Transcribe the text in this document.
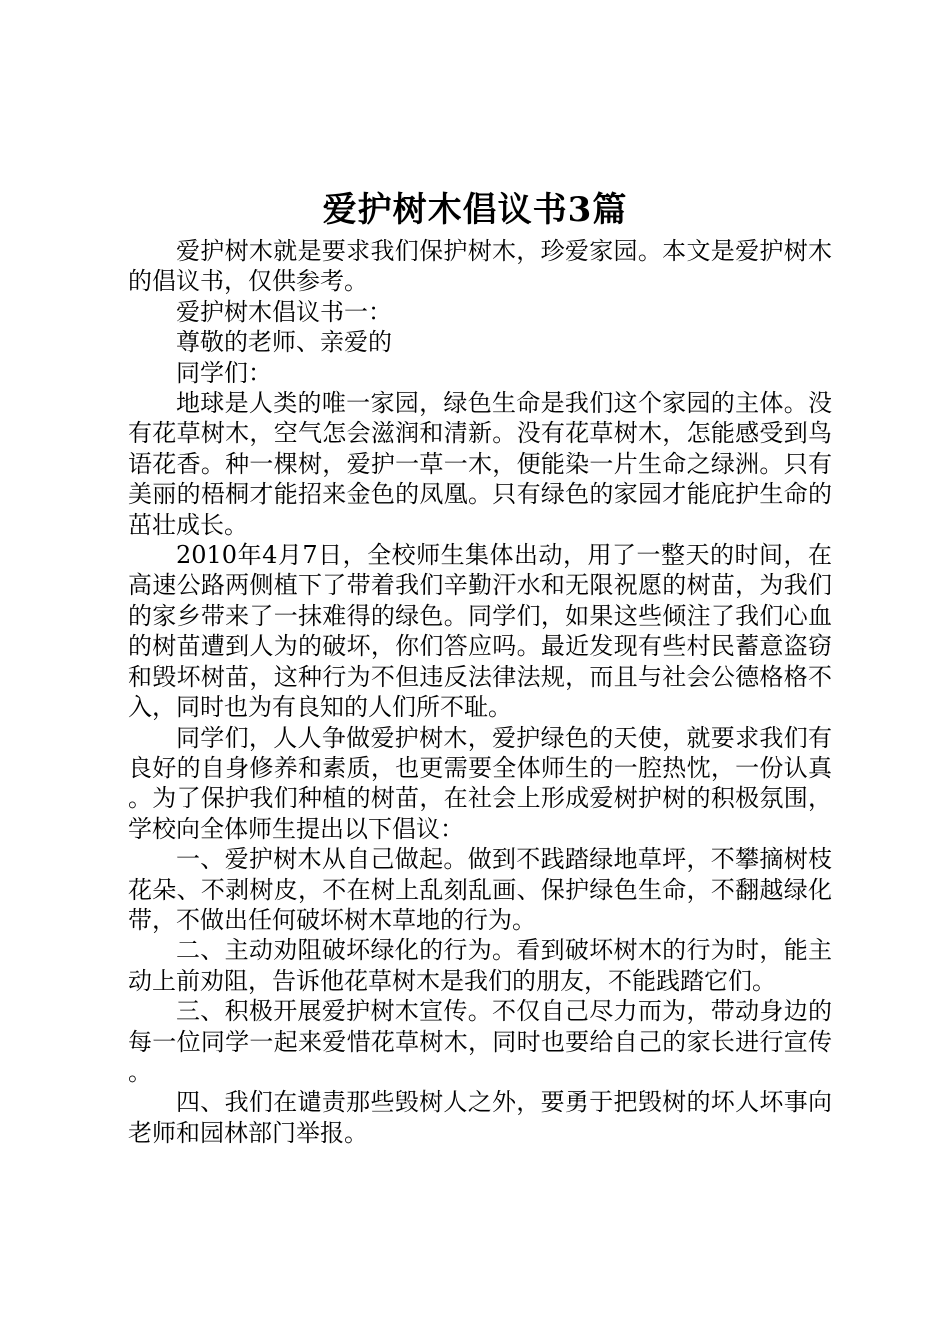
爱护树木倡议书3篇

爱护树木就是要求我们保护树木，珍爱家园。本文是爱护树木的倡议书，仅供参考。

爱护树木倡议书一：

尊敬的老师、亲爱的

同学们：

地球是人类的唯一家园，绿色生命是我们这个家园的主体。没有花草树木，空气怎会滋润和清新。没有花草树木，怎能感受到鸟语花香。种一棵树，爱护一草一木，便能染一片生命之绿洲。只有美丽的梧桐才能招来金色的凤凰。只有绿色的家园才能庇护生命的茁壮成长。

2010年4月7日，全校师生集体出动，用了一整天的时间，在高速公路两侧植下了带着我们辛勤汗水和无限祝愿的树苗，为我们的家乡带来了一抹难得的绿色。同学们，如果这些倾注了我们心血的树苗遭到人为的破坏，你们答应吗。最近发现有些村民蓄意盗窃和毁坏树苗，这种行为不但违反法律法规，而且与社会公德格格不入，同时也为有良知的人们所不耻。

同学们，人人争做爱护树木，爱护绿色的天使，就要求我们有良好的自身修养和素质，也更需要全体师生的一腔热忱，一份认真。为了保护我们种植的树苗，在社会上形成爱树护树的积极氛围，学校向全体师生提出以下倡议：

一、爱护树木从自己做起。做到不践踏绿地草坪，不攀摘树枝花朵、不剥树皮，不在树上乱刻乱画、保护绿色生命，不翻越绿化带，不做出任何破坏树木草地的行为。

二、主动劝阻破坏绿化的行为。看到破坏树木的行为时，能主动上前劝阻，告诉他花草树木是我们的朋友，不能践踏它们。

三、积极开展爱护树木宣传。不仅自己尽力而为，带动身边的每一位同学一起来爱惜花草树木，同时也要给自己的家长进行宣传。

四、我们在谴责那些毁树人之外，要勇于把毁树的坏人坏事向老师和园林部门举报。
